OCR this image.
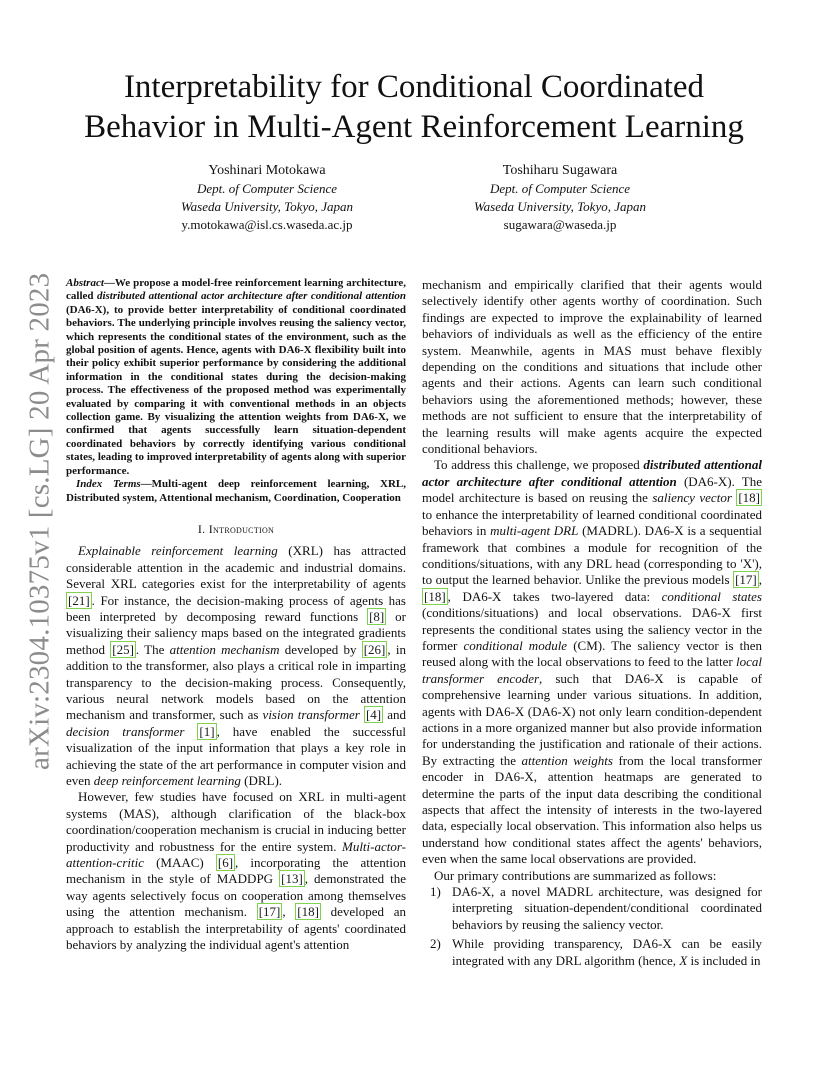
arXiv:2304.10375v1 [cs.LG] 20 Apr 2023
Interpretability for Conditional Coordinated Behavior in Multi-Agent Reinforcement Learning
Yoshinari Motokawa
Dept. of Computer Science
Waseda University, Tokyo, Japan
y.motokawa@isl.cs.waseda.ac.jp
Toshiharu Sugawara
Dept. of Computer Science
Waseda University, Tokyo, Japan
sugawara@waseda.jp

Abstract—We propose a model-free reinforcement learning architecture, called distributed attentional actor architecture after conditional attention (DA6-X), to provide better interpretability of conditional coordinated behaviors. The underlying principle involves reusing the saliency vector, which represents the conditional states of the environment, such as the global position of agents. Hence, agents with DA6-X flexibility built into their policy exhibit superior performance by considering the additional information in the conditional states during the decision-making process. The effectiveness of the proposed method was experimentally evaluated by comparing it with conventional methods in an objects collection game. By visualizing the attention weights from DA6-X, we confirmed that agents successfully learn situation-dependent coordinated behaviors by correctly identifying various conditional states, leading to improved interpretability of agents along with superior performance.

Index Terms—Multi-agent deep reinforcement learning, XRL, Distributed system, Attentional mechanism, Coordination, Cooperation

I. Introduction

Explainable reinforcement learning (XRL) has attracted considerable attention in the academic and industrial domains. Several XRL categories exist for the interpretability of agents [21] . For instance, the decision-making process of agents has been interpreted by decomposing reward functions [8] or visualizing their saliency maps based on the integrated gradients method [25] . The attention mechanism developed by [26] , in addition to the transformer, also plays a critical role in imparting transparency to the decision-making process. Consequently, various neural network models based on the attention mechanism and transformer, such as vision transformer [4] and decision transformer [1] , have enabled the successful visualization of the input information that plays a key role in achieving the state of the art performance in computer vision and even deep reinforcement learning (DRL).

However, few studies have focused on XRL in multi-agent systems (MAS), although clarification of the black-box coordination/cooperation mechanism is crucial in inducing better productivity and robustness for the entire system. Multi-actor-attention-critic (MAAC) [6] , incorporating the attention mechanism in the style of MADDPG [13] , demonstrated the way agents selectively focus on cooperation among themselves using the attention mechanism. [17] , [18] developed an approach to establish the interpretability of agents' coordinated behaviors by analyzing the individual agent's attention

mechanism and empirically clarified that their agents would selectively identify other agents worthy of coordination. Such findings are expected to improve the explainability of learned behaviors of individuals as well as the efficiency of the entire system. Meanwhile, agents in MAS must behave flexibly depending on the conditions and situations that include other agents and their actions. Agents can learn such conditional behaviors using the aforementioned methods; however, these methods are not sufficient to ensure that the interpretability of the learning results will make agents acquire the expected conditional behaviors.

To address this challenge, we proposed distributed attentional actor architecture after conditional attention (DA6-X). The model architecture is based on reusing the saliency vector [18] to enhance the interpretability of learned conditional coordinated behaviors in multi-agent DRL (MADRL). DA6-X is a sequential framework that combines a module for recognition of the conditions/situations, with any DRL head (corresponding to 'X'), to output the learned behavior. Unlike the previous models [17] , [18] , DA6-X takes two-layered data: conditional states (conditions/situations) and local observations. DA6-X first represents the conditional states using the saliency vector in the former conditional module (CM). The saliency vector is then reused along with the local observations to feed to the latter local transformer encoder, such that DA6-X is capable of comprehensive learning under various situations. In addition, agents with DA6-X (DA6-X) not only learn condition-dependent actions in a more organized manner but also provide information for understanding the justification and rationale of their actions. By extracting the attention weights from the local transformer encoder in DA6-X, attention heatmaps are generated to determine the parts of the input data describing the conditional aspects that affect the intensity of interests in the two-layered data, especially local observation. This information also helps us understand how conditional states affect the agents' behaviors, even when the same local observations are provided.

Our primary contributions are summarized as follows:

1) DA6-X, a novel MADRL architecture, was designed for interpreting situation-dependent/conditional coordinated behaviors by reusing the saliency vector.
2) While providing transparency, DA6-X can be easily integrated with any DRL algorithm (hence, X is included in
